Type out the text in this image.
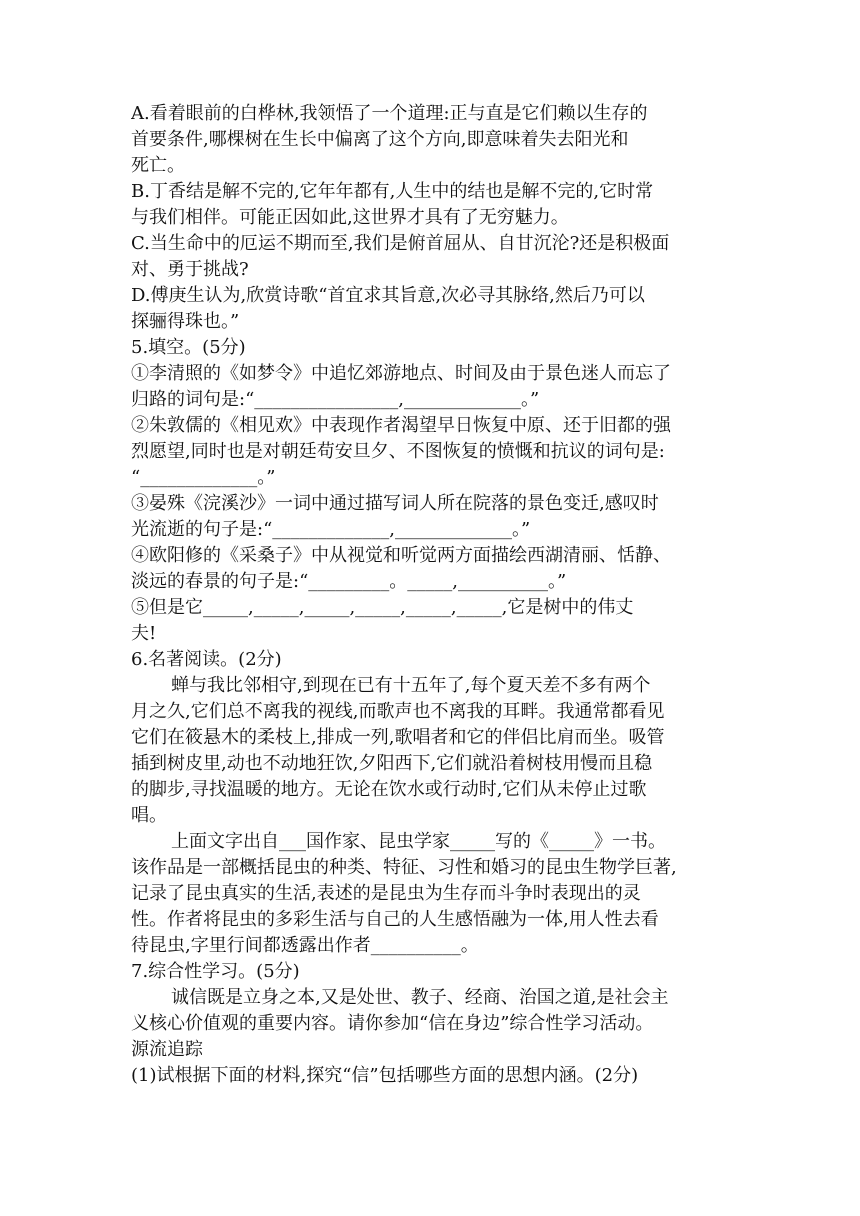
A.看着眼前的白桦林,我领悟了一个道理:正与直是它们赖以生存的
首要条件,哪棵树在生长中偏离了这个方向,即意味着失去阳光和
死亡。
B.丁香结是解不完的,它年年都有,人生中的结也是解不完的,它时常
与我们相伴。可能正因如此,这世界才具有了无穷魅力。
C.当生命中的厄运不期而至,我们是俯首屈从、自甘沉沦?还是积极面
对、勇于挑战?
D.傅庚生认为,欣赏诗歌“首宜求其旨意,次必寻其脉络,然后乃可以
探骊得珠也。”
5.填空。(5分)
①李清照的《如梦令》中追忆郊游地点、时间及由于景色迷人而忘了
归路的词句是:“________________,_____________。”
②朱敦儒的《相见欢》中表现作者渴望早日恢复中原、还于旧都的强
烈愿望,同时也是对朝廷苟安旦夕、不图恢复的愤慨和抗议的词句是:
“_____________。”
③晏殊《浣溪沙》一词中通过描写词人所在院落的景色变迁,感叹时
光流逝的句子是:“_____________,_____________。”
④欧阳修的《采桑子》中从视觉和听觉两方面描绘西湖清丽、恬静、
淡远的春景的句子是:“_________。_____,__________。”
⑤但是它_____,_____,_____,_____,_____,_____,它是树中的伟丈
夫!
6.名著阅读。(2分)
蝉与我比邻相守,到现在已有十五年了,每个夏天差不多有两个
月之久,它们总不离我的视线,而歌声也不离我的耳畔。我通常都看见
它们在筱悬木的柔枝上,排成一列,歌唱者和它的伴侣比肩而坐。吸管
插到树皮里,动也不动地狂饮,夕阳西下,它们就沿着树枝用慢而且稳
的脚步,寻找温暖的地方。无论在饮水或行动时,它们从未停止过歌
唱。
上面文字出自___国作家、昆虫学家_____写的《_____》一书。
该作品是一部概括昆虫的种类、特征、习性和婚习的昆虫生物学巨著,
记录了昆虫真实的生活,表述的是昆虫为生存而斗争时表现出的灵
性。作者将昆虫的多彩生活与自己的人生感悟融为一体,用人性去看
待昆虫,字里行间都透露出作者__________。
7.综合性学习。(5分)
诚信既是立身之本,又是处世、教子、经商、治国之道,是社会主
义核心价值观的重要内容。请你参加“信在身边”综合性学习活动。
源流追踪
(1)试根据下面的材料,探究“信”包括哪些方面的思想内涵。(2分)
